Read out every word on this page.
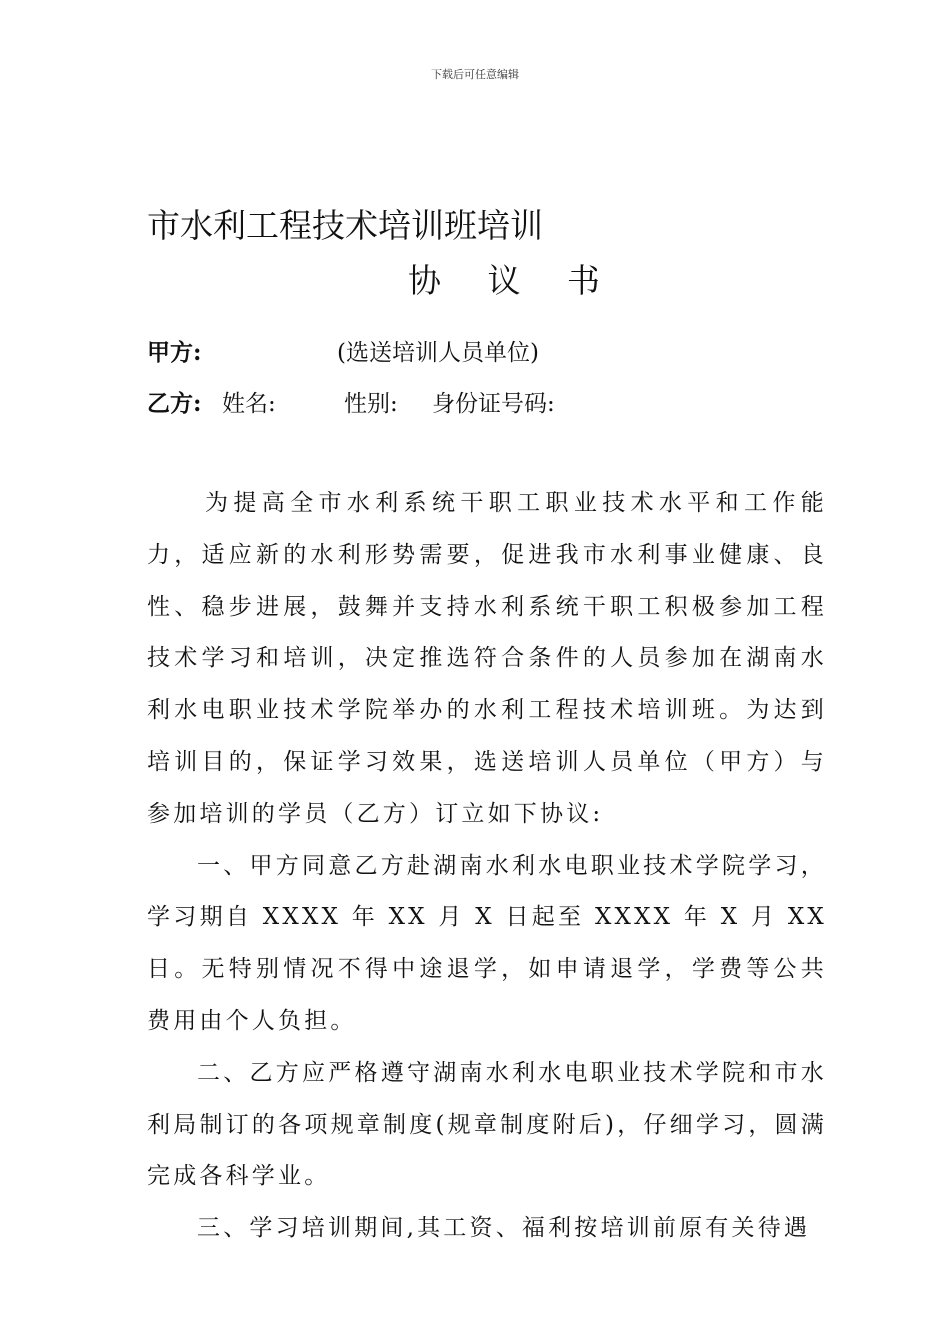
下载后可任意编辑
市水利工程技术培训班培训
协 议 书
甲方:	(选送培训人员单位)
乙方: 姓名:	性别: 身份证号码:

为提高全市水利系统干职工职业技术水平和工作能力，适应新的水利形势需要，促进我市水利事业健康、良性、稳步进展，鼓舞并支持水利系统干职工积极参加工程技术学习和培训，决定推选符合条件的人员参加在湖南水利水电职业技术学院举办的水利工程技术培训班。为达到培训目的，保证学习效果，选送培训人员单位（甲方）与参加培训的学员（乙方）订立如下协议:

一、甲方同意乙方赴湖南水利水电职业技术学院学习，学习期自 XXXX 年 XX 月 X 日起至 XXXX 年 X 月 XX 日。无特别情况不得中途退学，如申请退学，学费等公共费用由个人负担。

二、乙方应严格遵守湖南水利水电职业技术学院和市水利局制订的各项规章制度(规章制度附后)，仔细学习，圆满完成各科学业。

三、学习培训期间,其工资、福利按培训前原有关待遇
